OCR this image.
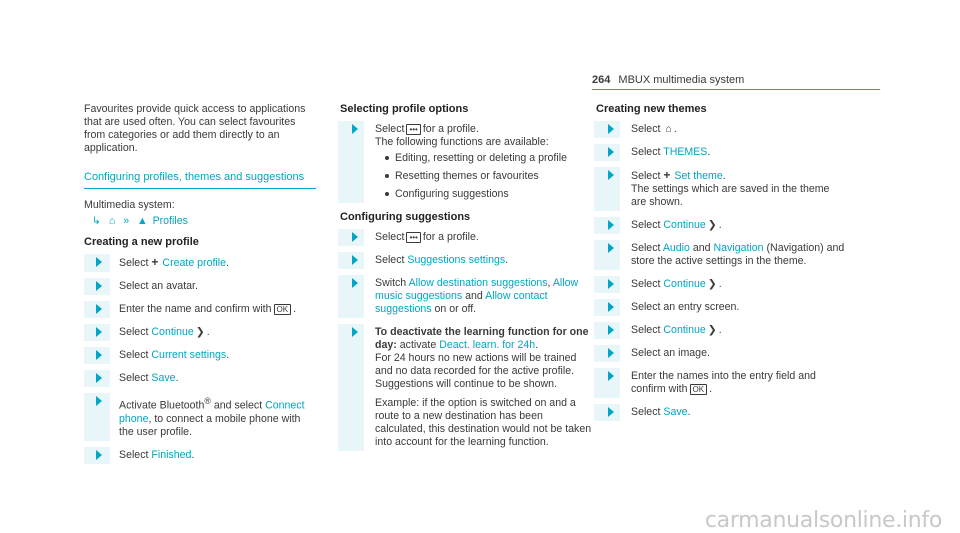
264 MBUX multimedia system

Favourites provide quick access to applications that are used often. You can select favourites from categories or add them directly to an application.

Configuring profiles, themes and suggestions
Multimedia system:
↳ ⌂ » ▲ Profiles
Creating a new profile
Select + Create profile.
Select an avatar.
Enter the name and confirm with OK .
Select Continue ❯ .
Select Current settings.
Select Save.
Activate Bluetooth® and select Connect phone, to connect a mobile phone with the user profile.
Select Finished.
Selecting profile options
Select ••• for a profile.
The following functions are available:
Editing, resetting or deleting a profile
Resetting themes or favourites
Configuring suggestions
Configuring suggestions
Select ••• for a profile.
Select Suggestions settings.
Switch Allow destination suggestions, Allow music suggestions and Allow contact suggestions on or off.
To deactivate the learning function for one day: activate Deact. learn. for 24h.
For 24 hours no new actions will be trained and no data recorded for the active profile. Suggestions will continue to be shown.
Example: if the option is switched on and a route to a new destination has been calculated, this destination would not be taken into account for the learning function.
Creating new themes
Select ⌂ .
Select THEMES.
Select + Set theme.
The settings which are saved in the theme are shown.
Select Continue ❯ .
Select Audio and Navigation (Navigation) and store the active settings in the theme.
Select Continue ❯ .
Select an entry screen.
Select Continue ❯ .
Select an image.
Enter the names into the entry field and confirm with OK .
Select Save.
carmanualsonline.info
